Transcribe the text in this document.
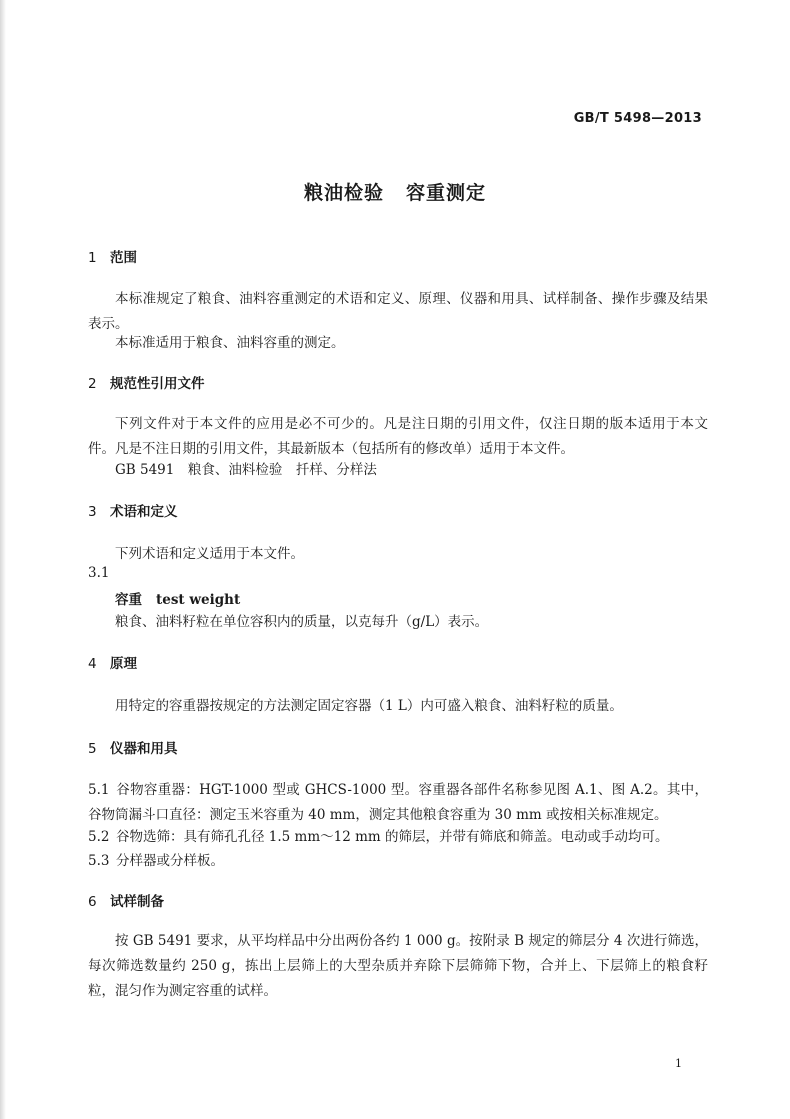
GB/T 5498—2013
粮油检验 容重测定
1 范围
本标准规定了粮食、油料容重测定的术语和定义、原理、仪器和用具、试样制备、操作步骤及结果表示。
本标准适用于粮食、油料容重的测定。
2 规范性引用文件
下列文件对于本文件的应用是必不可少的。凡是注日期的引用文件，仅注日期的版本适用于本文件。凡是不注日期的引用文件，其最新版本（包括所有的修改单）适用于本文件。
GB 5491　粮食、油料检验　扦样、分样法
3 术语和定义
下列术语和定义适用于本文件。
3.1
容重 test weight
粮食、油料籽粒在单位容积内的质量，以克每升（g/L）表示。
4 原理
用特定的容重器按规定的方法测定固定容器（1 L）内可盛入粮食、油料籽粒的质量。
5 仪器和用具
5.1 谷物容重器：HGT-1000 型或 GHCS-1000 型。容重器各部件名称参见图 A.1、图 A.2。其中，谷物筒漏斗口直径：测定玉米容重为 40 mm，测定其他粮食容重为 30 mm 或按相关标准规定。
5.2 谷物选筛：具有筛孔孔径 1.5 mm～12 mm 的筛层，并带有筛底和筛盖。电动或手动均可。
5.3 分样器或分样板。
6 试样制备
按 GB 5491 要求，从平均样品中分出两份各约 1 000 g。按附录 B 规定的筛层分 4 次进行筛选，每次筛选数量约 250 g，拣出上层筛上的大型杂质并弃除下层筛筛下物，合并上、下层筛上的粮食籽粒，混匀作为测定容重的试样。
1
